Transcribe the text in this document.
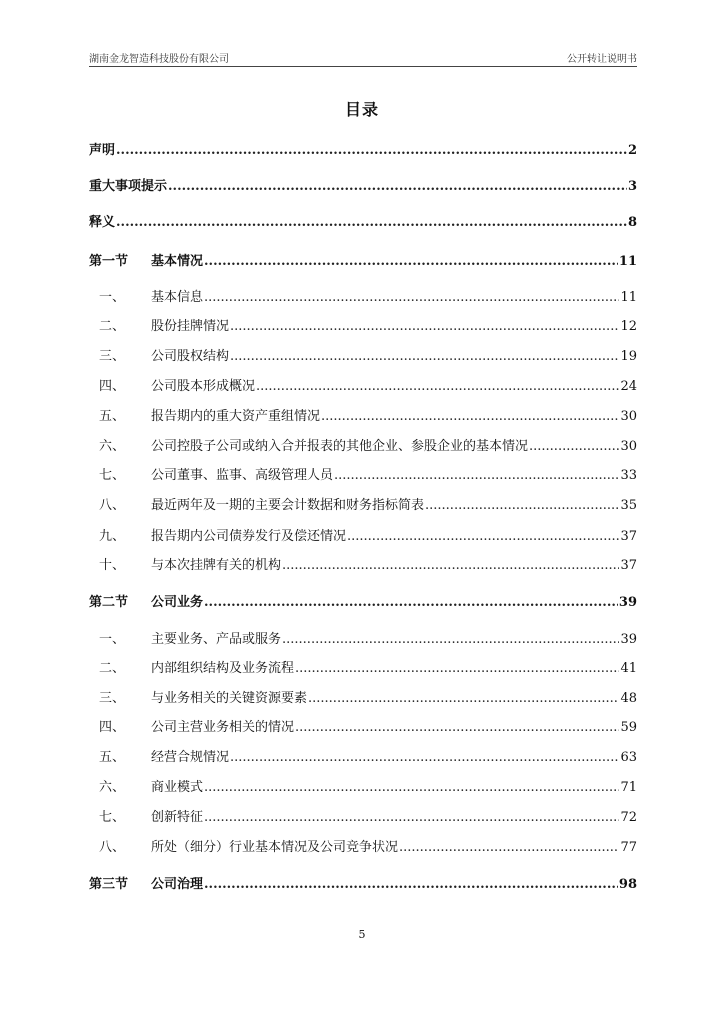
湖南金龙智造科技股份有限公司	公开转让说明书
目录
声明 .....	2
重大事项提示 .....	3
释义 .....	8
第一节	基本情况 .....	11
一、	基本信息 .....	11
二、	股份挂牌情况 .....	12
三、	公司股权结构 .....	19
四、	公司股本形成概况 .....	24
五、	报告期内的重大资产重组情况 .....	30
六、	公司控股子公司或纳入合并报表的其他企业、参股企业的基本情况 .....	30
七、	公司董事、监事、高级管理人员 .....	33
八、	最近两年及一期的主要会计数据和财务指标简表 .....	35
九、	报告期内公司债券发行及偿还情况 .....	37
十、	与本次挂牌有关的机构 .....	37
第二节	公司业务 .....	39
一、	主要业务、产品或服务 .....	39
二、	内部组织结构及业务流程 .....	41
三、	与业务相关的关键资源要素 .....	48
四、	公司主营业务相关的情况 .....	59
五、	经营合规情况 .....	63
六、	商业模式 .....	71
七、	创新特征 .....	72
八、	所处（细分）行业基本情况及公司竞争状况 .....	77
第三节	公司治理 .....	98
5
